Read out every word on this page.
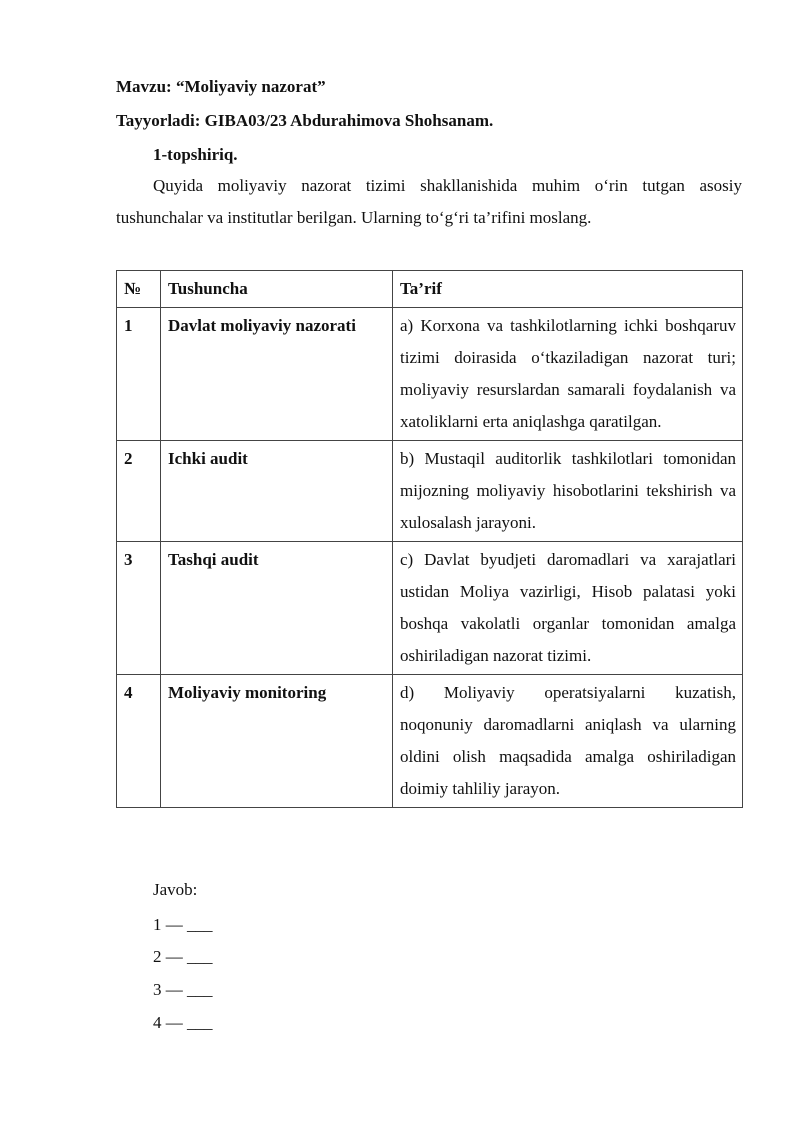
Mavzu: “Moliyaviy nazorat”
Tayyorladi: GIBA03/23 Abdurahimova Shohsanam.
1-topshiriq.
Quyida moliyaviy nazorat tizimi shakllanishida muhim o‘rin tutgan asosiy tushunchalar va institutlar berilgan. Ularning to‘g‘ri ta’rifini moslang.
№	Tushuncha	Ta’rif
1	Davlat moliyaviy nazorati	a) Korxona va tashkilotlarning ichki boshqaruv tizimi doirasida o‘tkaziladigan nazorat turi; moliyaviy resurslardan samarali foydalanish va xatoliklarni erta aniqlashga qaratilgan.
2	Ichki audit	b) Mustaqil auditorlik tashkilotlari tomonidan mijozning moliyaviy hisobotlarini tekshirish va xulosalash jarayoni.
3	Tashqi audit	c) Davlat byudjeti daromadlari va xarajatlari ustidan Moliya vazirligi, Hisob palatasi yoki boshqa vakolatli organlar tomonidan amalga oshiriladigan nazorat tizimi.
4	Moliyaviy monitoring	d) Moliyaviy operatsiyalarni kuzatish, noqonuniy daromadlarni aniqlash va ularning oldini olish maqsadida amalga oshiriladigan doimiy tahliliy jarayon.
Javob:
1 — ___
2 — ___
3 — ___
4 — ___
